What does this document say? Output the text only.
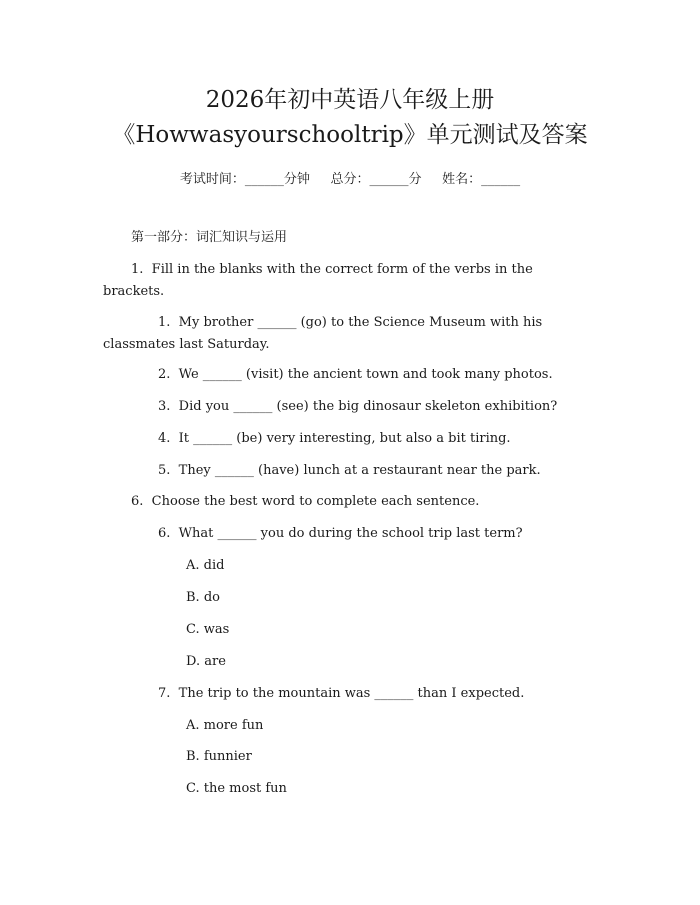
2026年初中英语八年级上册
《Howwasyourschooltrip》单元测试及答案
考试时间：______分钟     总分：______分     姓名：______
第一部分：词汇知识与运用
1.  Fill in the blanks with the correct form of the verbs in the
brackets.
1.  My brother ______ (go) to the Science Museum with his
classmates last Saturday.
2.  We ______ (visit) the ancient town and took many photos.
3.  Did you ______ (see) the big dinosaur skeleton exhibition?
4.  It ______ (be) very interesting, but also a bit tiring.
5.  They ______ (have) lunch at a restaurant near the park.
6.  Choose the best word to complete each sentence.
6.  What ______ you do during the school trip last term?
A. did
B. do
C. was
D. are
7.  The trip to the mountain was ______ than I expected.
A. more fun
B. funnier
C. the most fun
